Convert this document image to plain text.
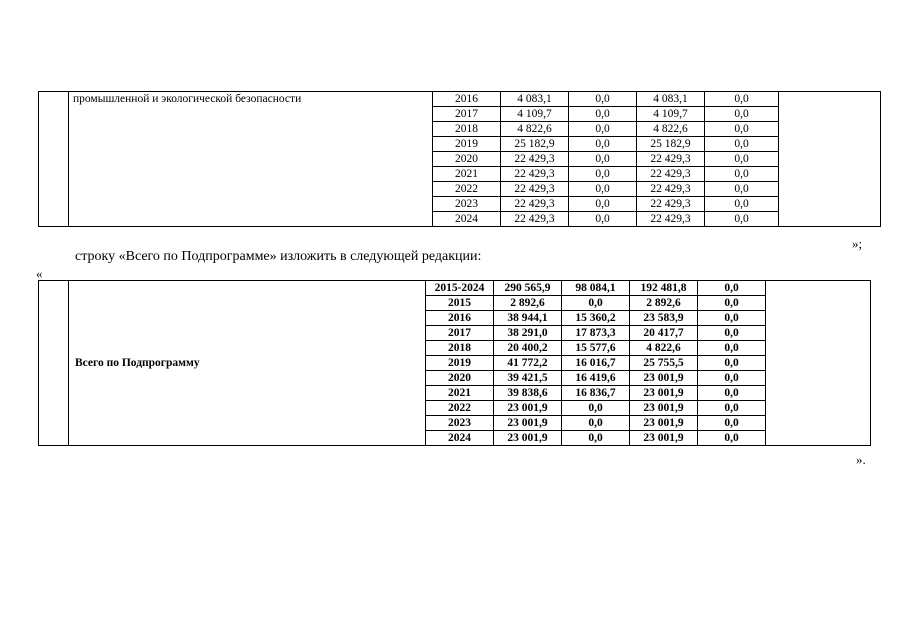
	промышленной и экологической безопасности	2016	4 083,1	0,0	4 083,1	0,0		
		2017	4 109,7	0,0	4 109,7	0,0		
		2018	4 822,6	0,0	4 822,6	0,0		
		2019	25 182,9	0,0	25 182,9	0,0		
		2020	22 429,3	0,0	22 429,3	0,0		
		2021	22 429,3	0,0	22 429,3	0,0		
		2022	22 429,3	0,0	22 429,3	0,0		
		2023	22 429,3	0,0	22 429,3	0,0		
		2024	22 429,3	0,0	22 429,3	0,0		
»;
строку «Всего по Подпрограмме» изложить в следующей редакции:
«
	Всего по Подпрограмму	2015-2024	290 565,9	98 084,1	192 481,8	0,0		
		2015	2 892,6	0,0	2 892,6	0,0		
		2016	38 944,1	15 360,2	23 583,9	0,0		
		2017	38 291,0	17 873,3	20 417,7	0,0		
		2018	20 400,2	15 577,6	4 822,6	0,0		
		2019	41 772,2	16 016,7	25 755,5	0,0		
		2020	39 421,5	16 419,6	23 001,9	0,0		
		2021	39 838,6	16 836,7	23 001,9	0,0		
		2022	23 001,9	0,0	23 001,9	0,0		
		2023	23 001,9	0,0	23 001,9	0,0		
		2024	23 001,9	0,0	23 001,9	0,0		
».
